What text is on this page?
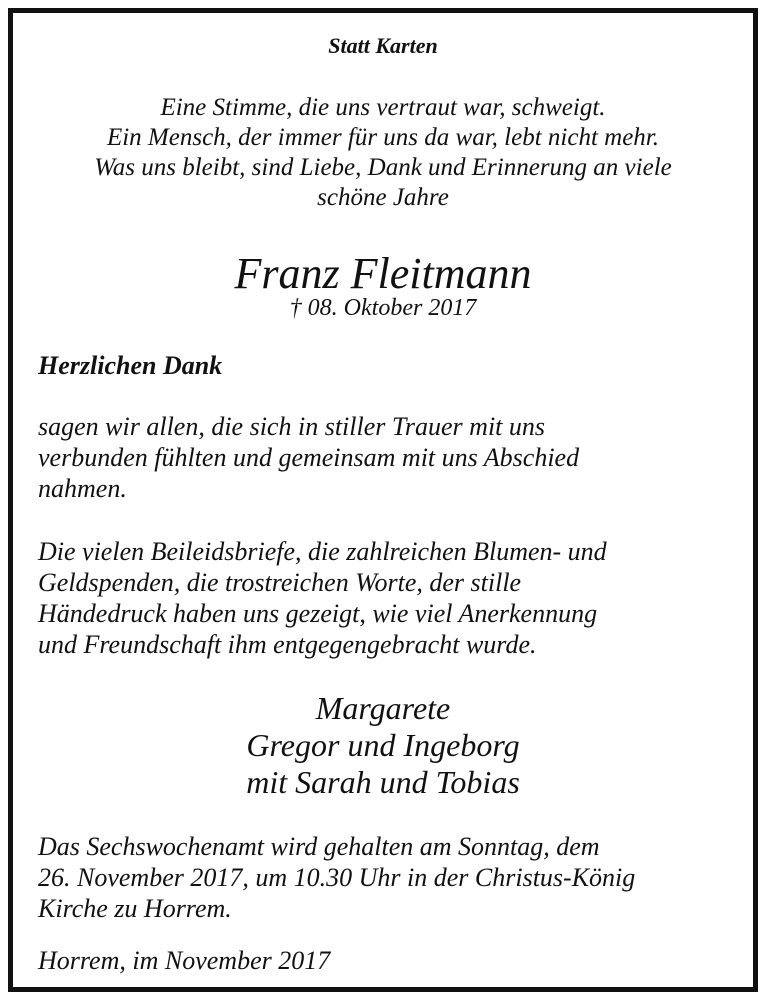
Statt Karten
Eine Stimme, die uns vertraut war, schweigt.
Ein Mensch, der immer für uns da war, lebt nicht mehr.
Was uns bleibt, sind Liebe, Dank und Erinnerung an viele
schöne Jahre
Franz Fleitmann
† 08. Oktober 2017
Herzlichen Dank
sagen wir allen, die sich in stiller Trauer mit uns
verbunden fühlten und gemeinsam mit uns Abschied
nahmen.
Die vielen Beileidsbriefe, die zahlreichen Blumen- und
Geldspenden, die trostreichen Worte, der stille
Händedruck haben uns gezeigt, wie viel Anerkennung
und Freundschaft ihm entgegengebracht wurde.
Margarete
Gregor und Ingeborg
mit Sarah und Tobias
Das Sechswochenamt wird gehalten am Sonntag, dem
26. November 2017, um 10.30 Uhr in der Christus-König
Kirche zu Horrem.
Horrem, im November 2017
